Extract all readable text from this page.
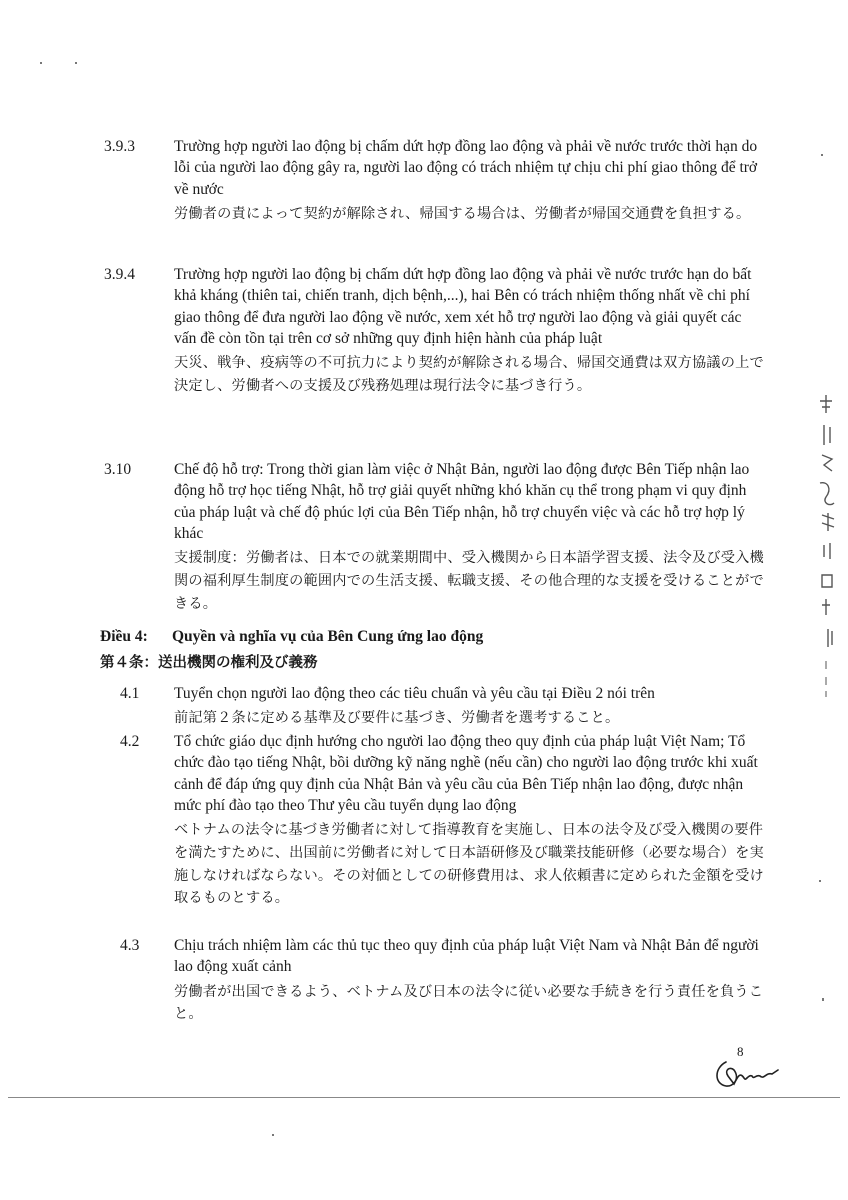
3.9.3	Trường hợp người lao động bị chấm dứt hợp đồng lao động và phải về nước trước thời hạn do lỗi của người lao động gây ra, người lao động có trách nhiệm tự chịu chi phí giao thông để trở về nước

労働者の責によって契約が解除され、帰国する場合は、労働者が帰国交通費を負担する。

3.9.4	Trường hợp người lao động bị chấm dứt hợp đồng lao động và phải về nước trước hạn do bất khả kháng (thiên tai, chiến tranh, dịch bệnh,...), hai Bên có trách nhiệm thống nhất về chi phí giao thông để đưa người lao động về nước, xem xét hỗ trợ người lao động và giải quyết các vấn đề còn tồn tại trên cơ sở những quy định hiện hành của pháp luật

天災、戦争、疫病等の不可抗力により契約が解除される場合、帰国交通費は双方協議の上で決定し、労働者への支援及び残務処理は現行法令に基づき行う。

3.10	Chế độ hỗ trợ: Trong thời gian làm việc ở Nhật Bản, người lao động được Bên Tiếp nhận lao động hỗ trợ học tiếng Nhật, hỗ trợ giải quyết những khó khăn cụ thể trong phạm vi quy định của pháp luật và chế độ phúc lợi của Bên Tiếp nhận, hỗ trợ chuyển việc và các hỗ trợ hợp lý khác

支援制度：労働者は、日本での就業期間中、受入機関から日本語学習支援、法令及び受入機関の福利厚生制度の範囲内での生活支援、転職支援、その他合理的な支援を受けることができる。

Điều 4: Quyền và nghĩa vụ của Bên Cung ứng lao động
第４条：送出機関の権利及び義務
4.1 Tuyển chọn người lao động theo các tiêu chuẩn và yêu cầu tại Điều 2 nói trên

前記第２条に定める基準及び要件に基づき、労働者を選考すること。

4.2 Tổ chức giáo dục định hướng cho người lao động theo quy định của pháp luật Việt Nam; Tổ chức đào tạo tiếng Nhật, bồi dưỡng kỹ năng nghề (nếu cần) cho người lao động trước khi xuất cảnh để đáp ứng quy định của Nhật Bản và yêu cầu của Bên Tiếp nhận lao động, được nhận mức phí đào tạo theo Thư yêu cầu tuyển dụng lao động

ベトナムの法令に基づき労働者に対して指導教育を実施し、日本の法令及び受入機関の要件を満たすために、出国前に労働者に対して日本語研修及び職業技能研修（必要な場合）を実施しなければならない。その対価としての研修費用は、求人依頼書に定められた金額を受け取るものとする。

4.3 Chịu trách nhiệm làm các thủ tục theo quy định của pháp luật Việt Nam và Nhật Bản để người lao động xuất cảnh

労働者が出国できるよう、ベトナム及び日本の法令に従い必要な手続きを行う責任を負うこと。

8
